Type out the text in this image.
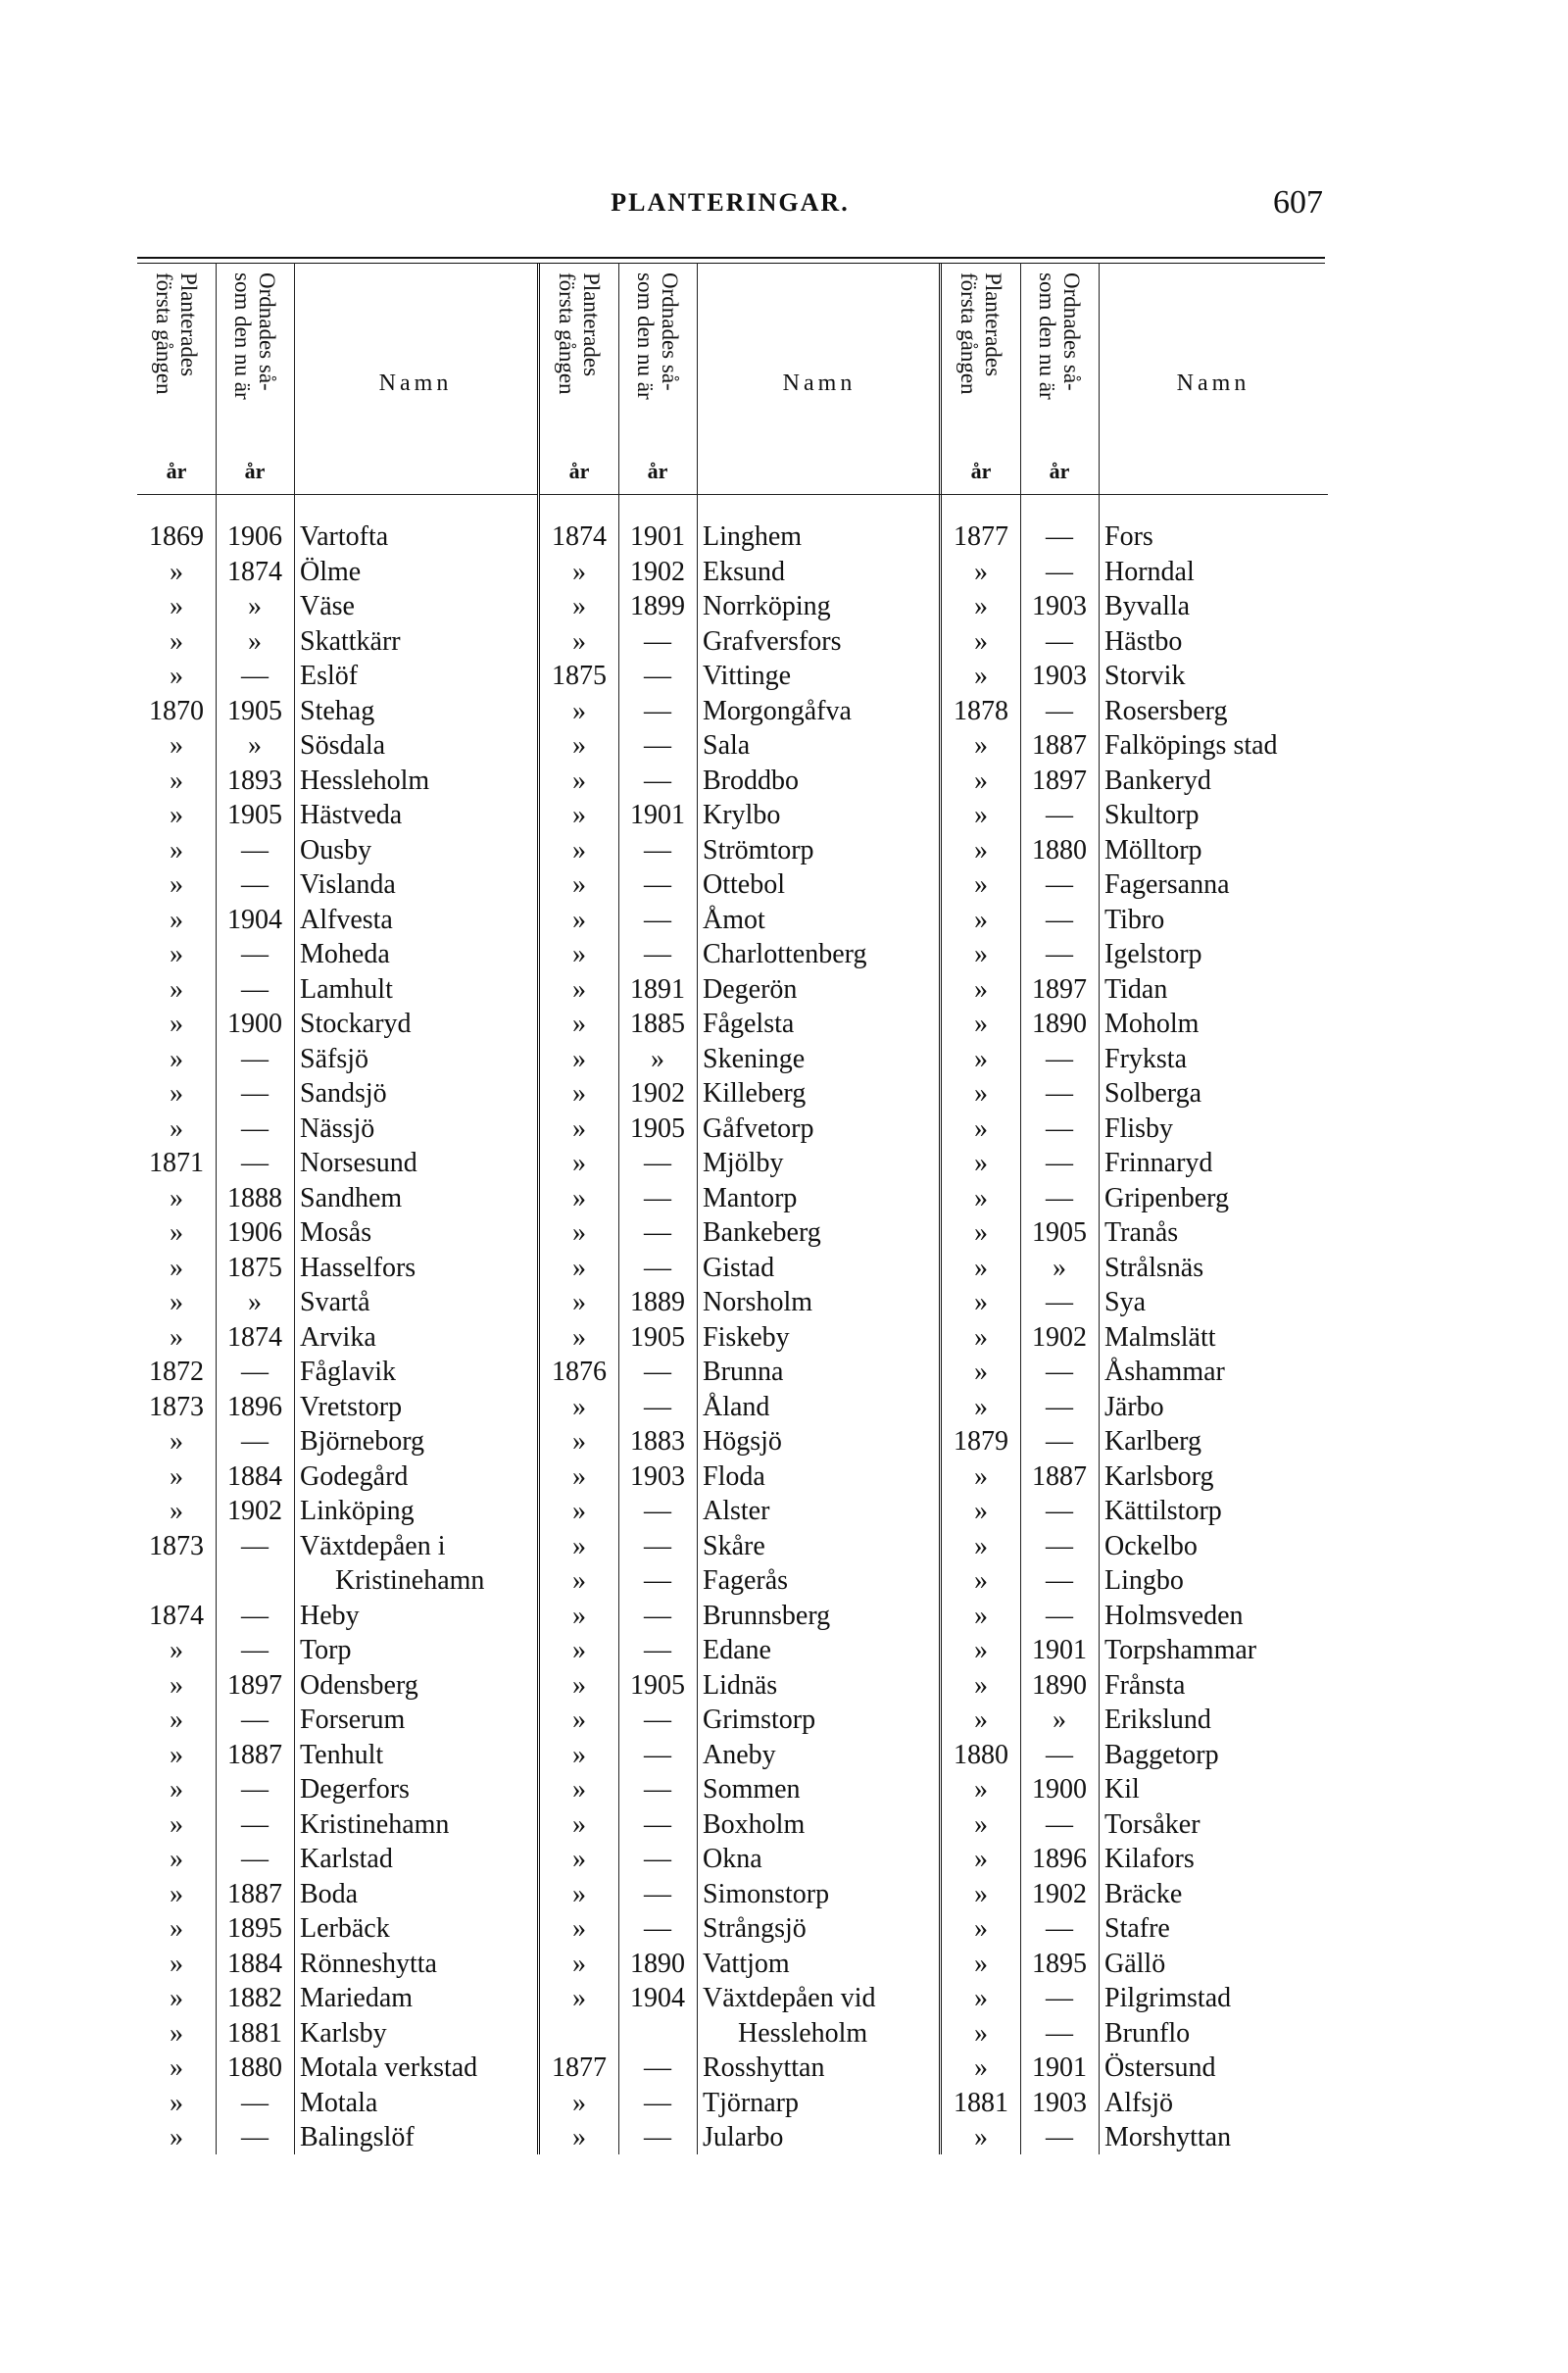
PLANTERINGAR.	607
Planterades
första gången
år
Ordnades så-
som den nu är
år
Namn
1869 1906 Vartofta
»	1874 Ölme
»	»	Väse
»	»	Skattkärr
»	—	Eslöf
1870 1905 Stehag
»	»	Sösdala
»	1893 Hessleholm
»	1905 Hästveda
»	—	Ousby
»	—	Vislanda
»	1904 Alfvesta
»	—	Moheda
»	—	Lamhult
»	1900 Stockaryd
»	—	Säfsjö
»	—	Sandsjö
»	—	Nässjö
1871	—	Norsesund
»	1888 Sandhem
»	1906 Mosås
»	1875 Hasselfors
»	»	Svartå
»	1874 Arvika
1872	—	Fåglavik
1873 1896 Vretstorp
»	—	Björneborg
»	1884 Godegård
»	1902 Linköping
1873	—	Växtdepåen i
Kristinehamn
1874	—	Heby
»	—	Torp
»	1897 Odensberg
»	—	Forserum
»	1887 Tenhult
»	—	Degerfors
»	—	Kristinehamn
»	—	Karlstad
»	1887 Boda
»	1895 Lerbäck
»	1884 Rönneshytta
»	1882 Mariedam
»	1881 Karlsby
»	1880 Motala verkstad
»	—	Motala
»	—	Balingslöf
Planterades
första gången
år
Ordnades så-
som den nu är
år
Namn
1874 1901 Linghem
»	1902 Eksund
»	1899 Norrköping
»	—	Grafversfors
1875	—	Vittinge
»	—	Morgongåfva
»	—	Sala
»	—	Broddbo
»	1901 Krylbo
»	—	Strömtorp
»	—	Ottebol
»	—	Åmot
»	—	Charlottenberg
»	1891 Degerön
»	1885 Fågelsta
»	»	Skeninge
»	1902 Killeberg
»	1905 Gåfvetorp
»	—	Mjölby
»	—	Mantorp
»	—	Bankeberg
»	—	Gistad
»	1889 Norsholm
»	1905 Fiskeby
1876	—	Brunna
»	—	Åland
»	1883 Högsjö
»	1903 Floda
»	—	Alster
»	—	Skåre
»	—	Fagerås
»	—	Brunnsberg
»	—	Edane
»	1905 Lidnäs
»	—	Grimstorp
»	—	Aneby
»	—	Sommen
»	—	Boxholm
»	—	Okna
»	—	Simonstorp
»	—	Strångsjö
»	1890 Vattjom
»	1904 Växtdepåen vid
Hessleholm
1877	—	Rosshyttan
»	—	Tjörnarp
»	—	Jularbo
Planterades
första gången
år
Ordnades så-
som den nu är
år
Namn
1877	—	Fors
»	—	Horndal
»	1903 Byvalla
»	—	Hästbo
»	1903 Storvik
1878	—	Rosersberg
»	1887 Falköpings stad
»	1897 Bankeryd
»	—	Skultorp
»	1880 Mölltorp
»	—	Fagersanna
»	—	Tibro
»	—	Igelstorp
»	1897 Tidan
»	1890 Moholm
»	—	Fryksta
»	—	Solberga
»	—	Flisby
»	—	Frinnaryd
»	—	Gripenberg
»	1905 Tranås
»	»	Strålsnäs
»	—	Sya
»	1902 Malmslätt
»	—	Åshammar
»	—	Järbo
1879	—	Karlberg
»	1887 Karlsborg
»	—	Kättilstorp
»	—	Ockelbo
»	—	Lingbo
»	—	Holmsveden
»	1901 Torpshammar
»	1890 Frånsta
»	»	Erikslund
1880	—	Baggetorp
»	1900 Kil
»	—	Torsåker
»	1896 Kilafors
»	1902 Bräcke
»	—	Stafre
»	1895 Gällö
»	—	Pilgrimstad
»	—	Brunflo
»	1901 Östersund
1881 1903 Alfsjö
»	—	Morshyttan
